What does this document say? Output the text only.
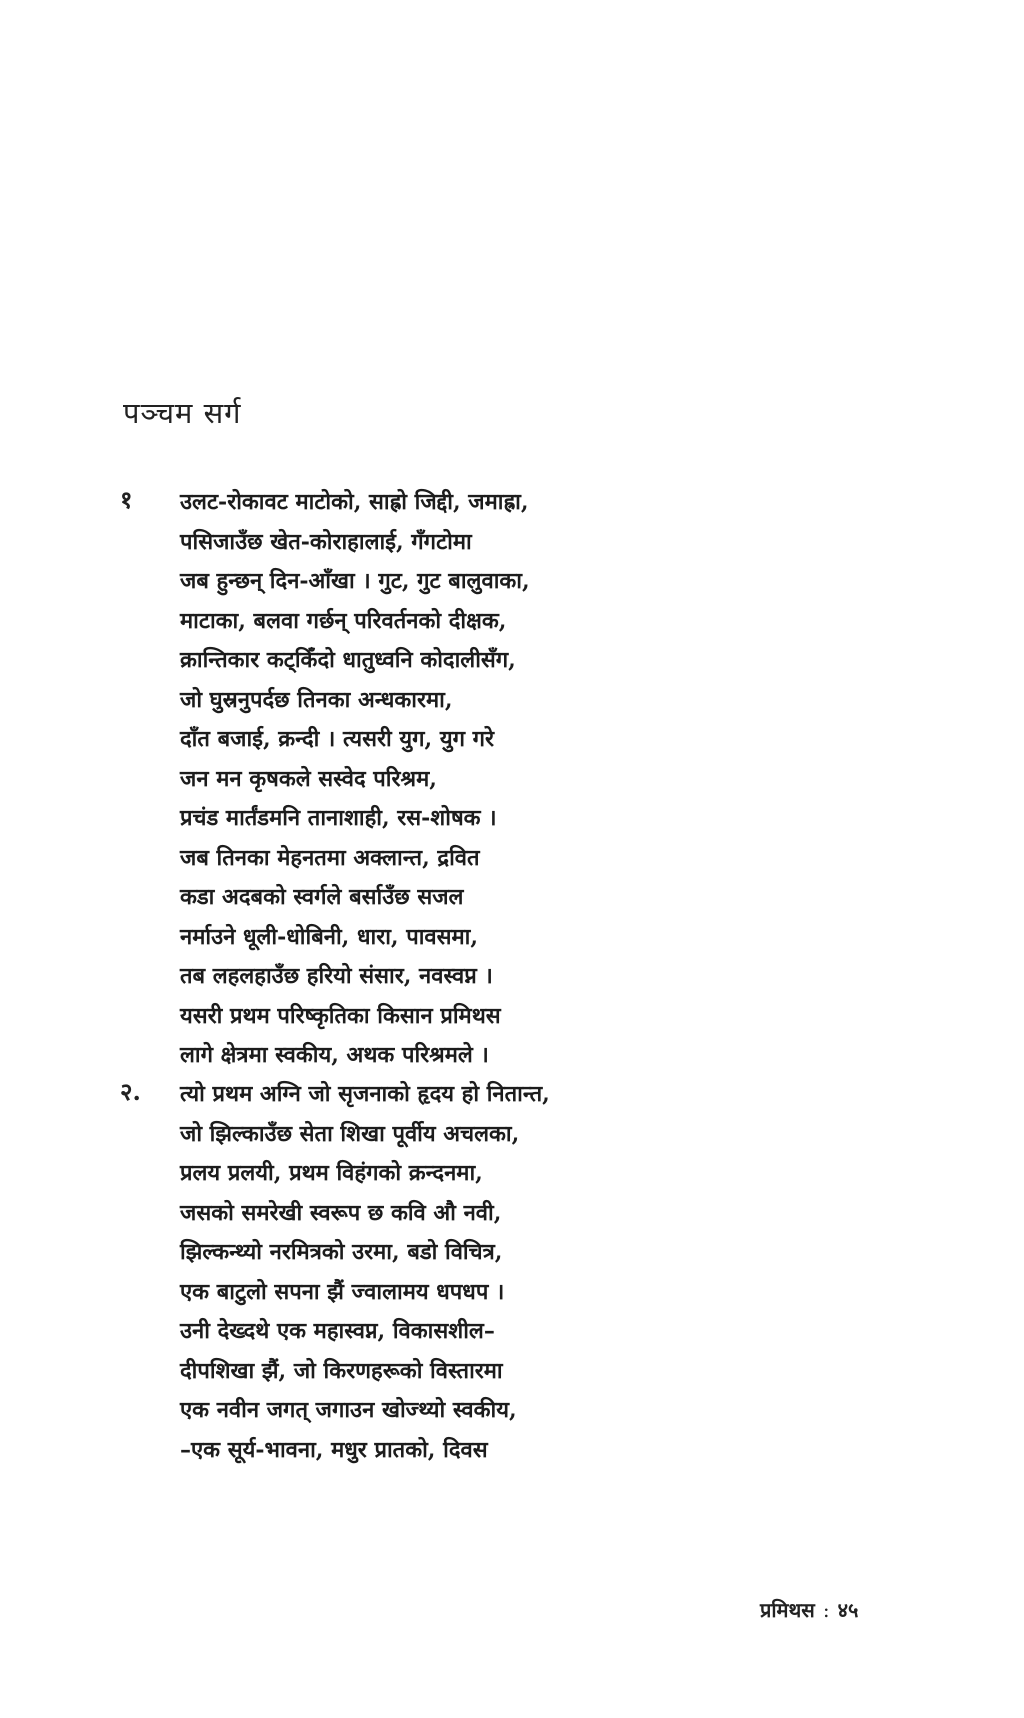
पञ्चम सर्ग
१ उलट-रोकावट माटोको, साह्रो जिद्दी, जमाह्रा,
पसिजाउँछ खेत-कोराहालाई, गँगटोमा
जब हुन्छन् दिन-आँखा । गुट, गुट बालुवाका,
माटाका, बलवा गर्छन् परिवर्तनको दीक्षक,
क्रान्तिकार कट्किँदो धातुध्वनि कोदालीसँग,
जो घुस्रनुपर्दछ तिनका अन्धकारमा,
दाँत बजाई, क्रन्दी । त्यसरी युग, युग गरे
जन मन कृषकले सस्वेद परिश्रम,
प्रचंड मार्तंडमनि तानाशाही, रस-शोषक ।
जब तिनका मेहनतमा अक्लान्त, द्रवित
कडा अदबको स्वर्गले बर्साउँछ सजल
नर्माउने धूली-धोबिनी, धारा, पावसमा,
तब लहलहाउँछ हरियो संसार, नवस्वप्न ।
यसरी प्रथम परिष्कृतिका किसान प्रमिथस
लागे क्षेत्रमा स्वकीय, अथक परिश्रमले ।
२. त्यो प्रथम अग्नि जो सृजनाको हृदय हो नितान्त,
जो झिल्काउँछ सेता शिखा पूर्वीय अचलका,
प्रलय प्रलयी, प्रथम विहंगको क्रन्दनमा,
जसको समरेखी स्वरूप छ कवि औ नवी,
झिल्कन्थ्यो नरमित्रको उरमा, बडो विचित्र,
एक बाटुलो सपना झैं ज्वालामय धपधप ।
उनी देख्दथे एक महास्वप्न, विकासशील–
दीपशिखा झैं, जो किरणहरूको विस्तारमा
एक नवीन जगत् जगाउन खोज्थ्यो स्वकीय,
–एक सूर्य-भावना, मधुर प्रातको, दिवस
प्रमिथस : ४५
